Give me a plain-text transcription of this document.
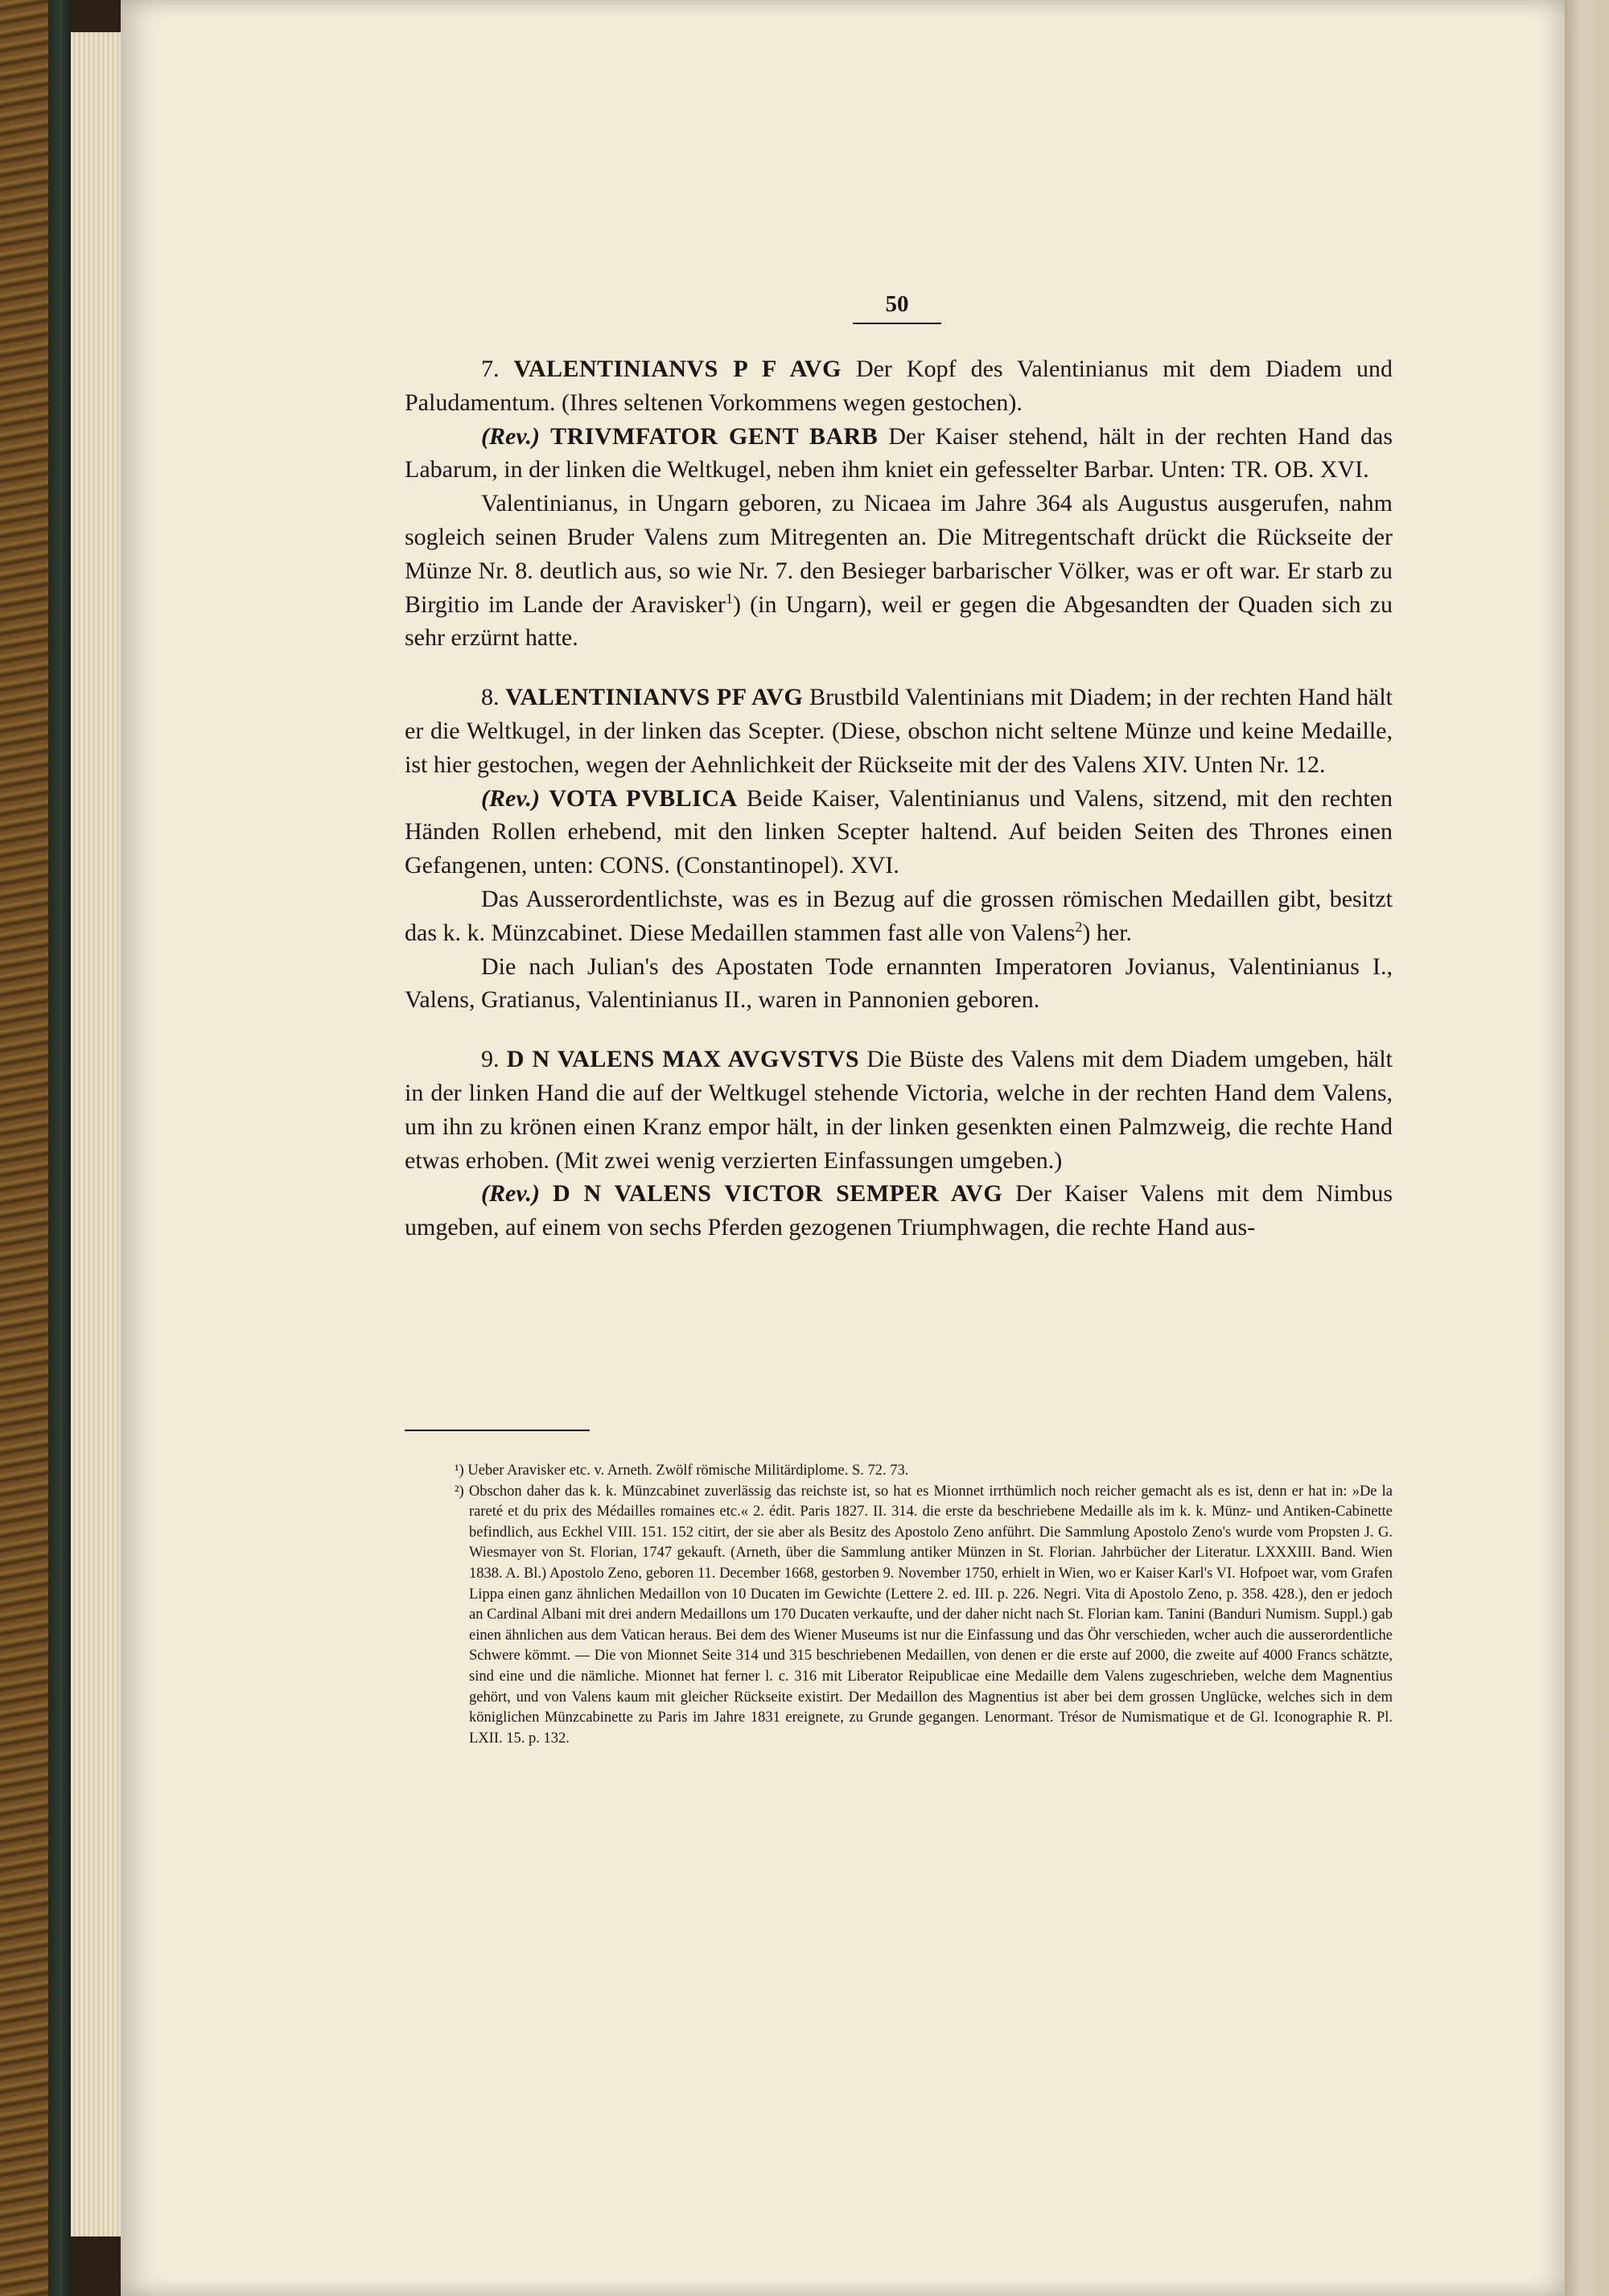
50

7. VALENTINIANVS P F AVG Der Kopf des Valentinianus mit dem Diadem und Paludamentum. (Ihres seltenen Vorkommens wegen gestochen).

(Rev.) TRIVMFATOR GENT BARB Der Kaiser stehend, hält in der rechten Hand das Labarum, in der linken die Weltkugel, neben ihm kniet ein gefesselter Barbar. Unten: TR. OB. XVI.

Valentinianus, in Ungarn geboren, zu Nicaea im Jahre 364 als Augustus ausgerufen, nahm sogleich seinen Bruder Valens zum Mitregenten an. Die Mitregentschaft drückt die Rückseite der Münze Nr. 8. deutlich aus, so wie Nr. 7. den Besieger barbarischer Völker, was er oft war. Er starb zu Birgitio im Lande der Aravisker$^1$) (in Ungarn), weil er gegen die Abgesandten der Quaden sich zu sehr erzürnt hatte.

8. VALENTINIANVS PF AVG Brustbild Valentinians mit Diadem; in der rechten Hand hält er die Weltkugel, in der linken das Scepter. (Diese, obschon nicht seltene Münze und keine Medaille, ist hier gestochen, wegen der Aehnlichkeit der Rückseite mit der des Valens XIV. Unten Nr. 12.

(Rev.) VOTA PVBLICA Beide Kaiser, Valentinianus und Valens, sitzend, mit den rechten Händen Rollen erhebend, mit den linken Scepter haltend. Auf beiden Seiten des Thrones einen Gefangenen, unten: CONS. (Constantinopel). XVI.

Das Ausserordentlichste, was es in Bezug auf die grossen römischen Medaillen gibt, besitzt das k. k. Münzcabinet. Diese Medaillen stammen fast alle von Valens$^2$) her.

Die nach Julian's des Apostaten Tode ernannten Imperatoren Jovianus, Valentinianus I., Valens, Gratianus, Valentinianus II., waren in Pannonien geboren.

9. D N VALENS MAX AVGVSTVS Die Büste des Valens mit dem Diadem umgeben, hält in der linken Hand die auf der Weltkugel stehende Victoria, welche in der rechten Hand dem Valens, um ihn zu krönen einen Kranz empor hält, in der linken gesenkten einen Palmzweig, die rechte Hand etwas erhoben. (Mit zwei wenig verzierten Einfassungen umgeben.)

(Rev.) D N VALENS VICTOR SEMPER AVG Der Kaiser Valens mit dem Nimbus umgeben, auf einem von sechs Pferden gezogenen Triumphwagen, die rechte Hand aus-

¹) Ueber Aravisker etc. v. Arneth. Zwölf römische Militärdiplome. S. 72. 73.

²) Obschon daher das k. k. Münzcabinet zuverlässig das reichste ist, so hat es Mionnet irrthümlich noch reicher gemacht als es ist, denn er hat in: »De la rareté et du prix des Médailles romaines etc.« 2. édit. Paris 1827. II. 314. die erste da beschriebene Medaille als im k. k. Münz- und Antiken-Cabinette befindlich, aus Eckhel VIII. 151. 152 citirt, der sie aber als Besitz des Apostolo Zeno anführt. Die Sammlung Apostolo Zeno's wurde vom Propsten J. G. Wiesmayer von St. Florian, 1747 gekauft. (Arneth, über die Sammlung antiker Münzen in St. Florian. Jahrbücher der Literatur. LXXXIII. Band. Wien 1838. A. Bl.) Apostolo Zeno, geboren 11. December 1668, gestorben 9. November 1750, erhielt in Wien, wo er Kaiser Karl's VI. Hofpoet war, vom Grafen Lippa einen ganz ähnlichen Medaillon von 10 Ducaten im Gewichte (Lettere 2. ed. III. p. 226. Negri. Vita di Apostolo Zeno, p. 358. 428.), den er jedoch an Cardinal Albani mit drei andern Medaillons um 170 Ducaten verkaufte, und der daher nicht nach St. Florian kam. Tanini (Banduri Numism. Suppl.) gab einen ähnlichen aus dem Vatican heraus. Bei dem des Wiener Museums ist nur die Einfassung und das Öhr verschieden, wcher auch die ausserordentliche Schwere kömmt. — Die von Mionnet Seite 314 und 315 beschriebenen Medaillen, von denen er die erste auf 2000, die zweite auf 4000 Francs schätzte, sind eine und die nämliche. Mionnet hat ferner l. c. 316 mit Liberator Reipublicae eine Medaille dem Valens zugeschrieben, welche dem Magnentius gehört, und von Valens kaum mit gleicher Rückseite existirt. Der Medaillon des Magnentius ist aber bei dem grossen Unglücke, welches sich in dem königlichen Münzcabinette zu Paris im Jahre 1831 ereignete, zu Grunde gegangen. Lenormant. Trésor de Numismatique et de Gl. Iconographie R. Pl. LXII. 15. p. 132.
